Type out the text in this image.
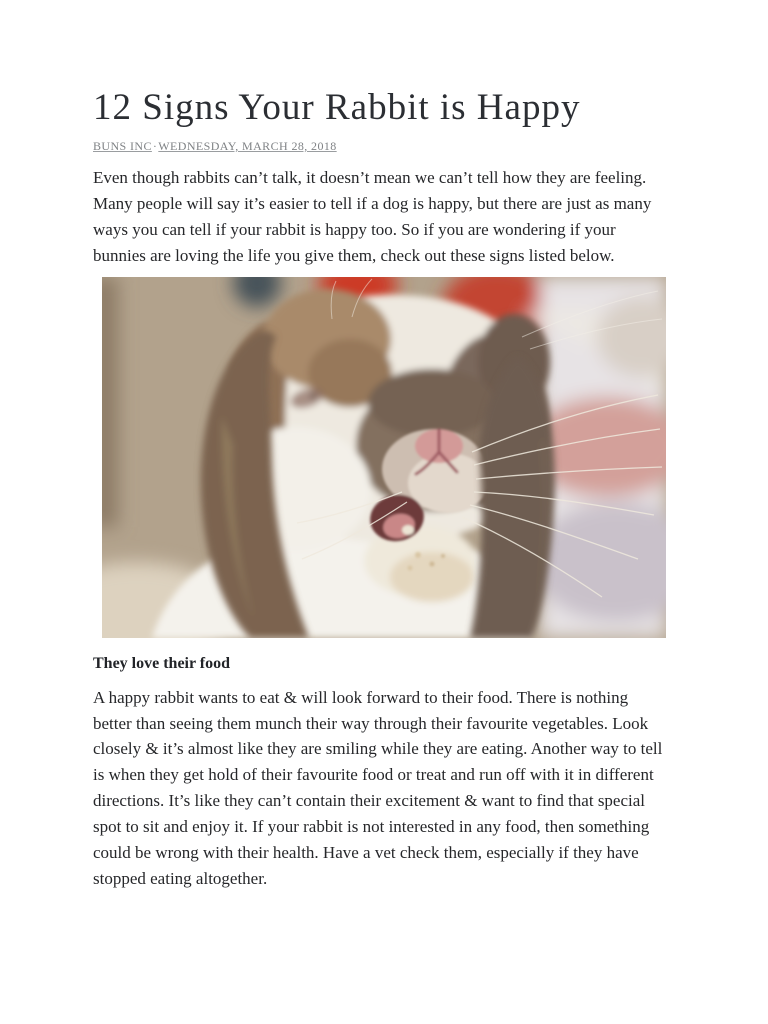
12 Signs Your Rabbit is Happy
BUNS INC·WEDNESDAY, MARCH 28, 2018

Even though rabbits can’t talk, it doesn’t mean we can’t tell how they are feeling. Many people will say it’s easier to tell if a dog is happy, but there are just as many ways you can tell if your rabbit is happy too. So if you are wondering if your bunnies are loving the life you give them, check out these signs listed below.

They love their food

A happy rabbit wants to eat & will look forward to their food. There is nothing better than seeing them munch their way through their favourite vegetables. Look closely & it’s almost like they are smiling while they are eating. Another way to tell is when they get hold of their favourite food or treat and run off with it in different directions. It’s like they can’t contain their excitement & want to find that special spot to sit and enjoy it. If your rabbit is not interested in any food, then something could be wrong with their health. Have a vet check them, especially if they have stopped eating altogether.
